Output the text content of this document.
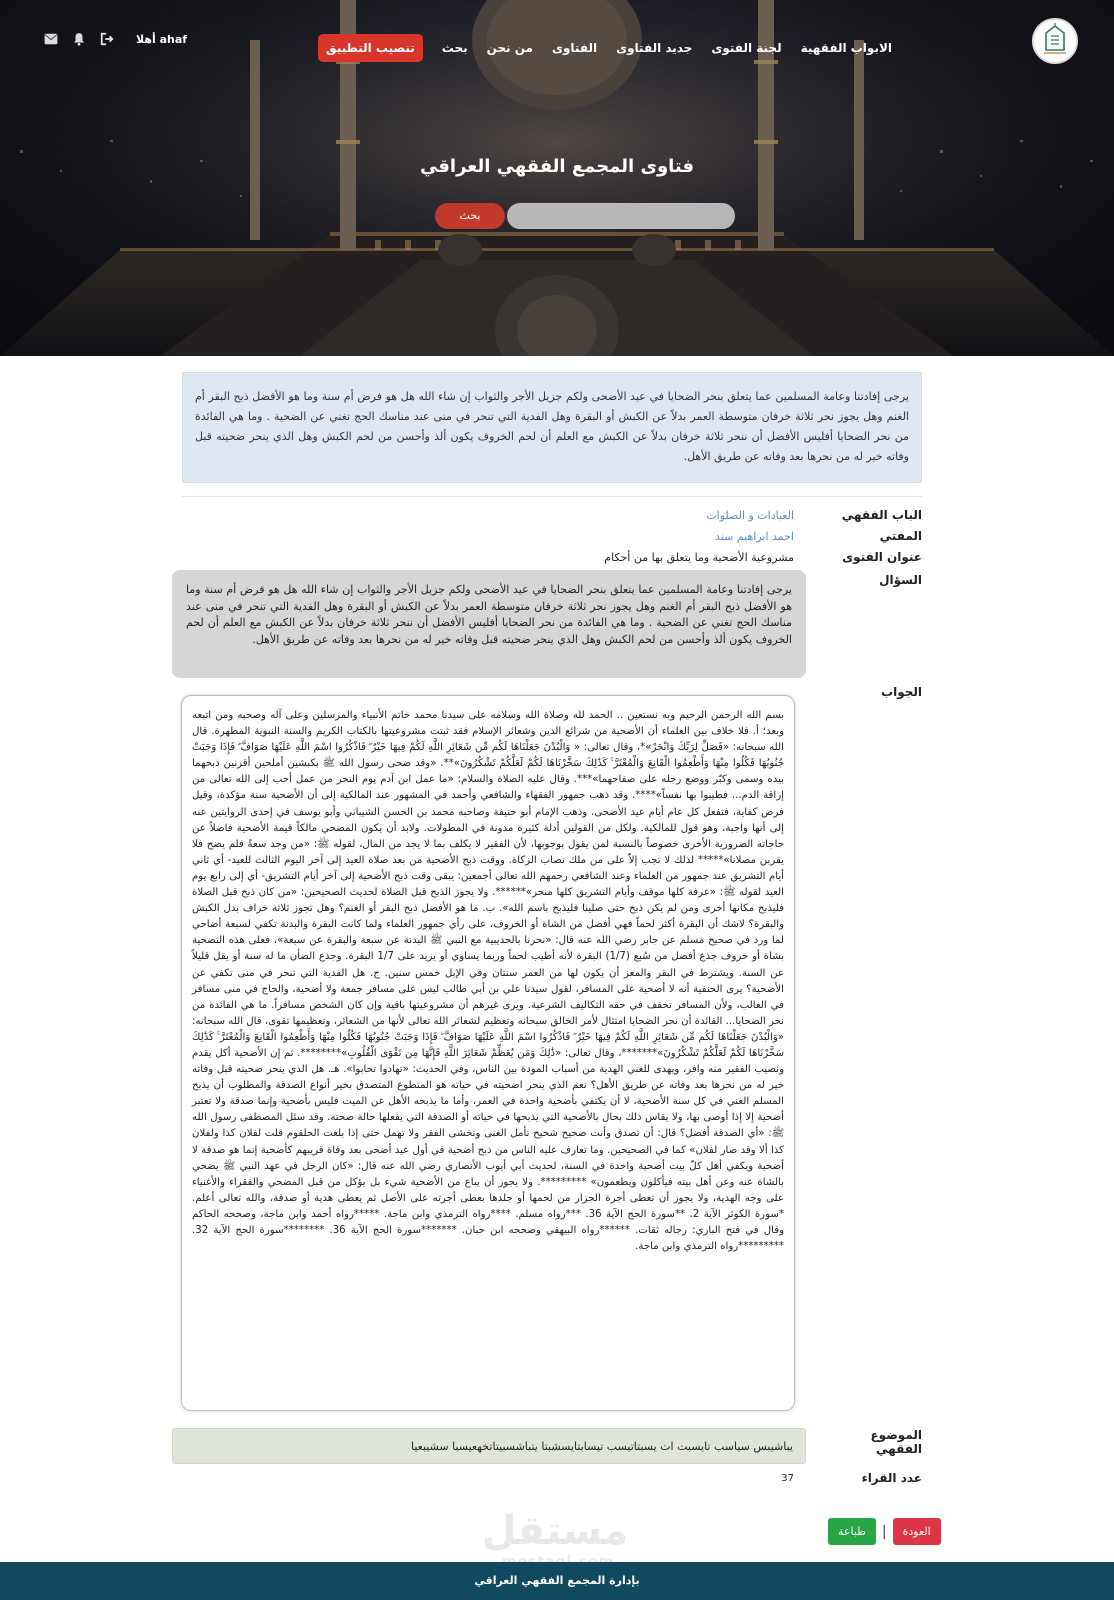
الابواب الفقهية
لجنة الفتوى
جديد الفتاوى
الفتاوى
من نحن
بحث
تنصيب التطبيق
أهلا ahaf
فتاوى المجمع الفقهي العراقي
بحث
يرجى إفادتنا وعامة المسلمين عما يتعلق بنحر الضحايا في عيد الأضحى ولكم جزيل الأجر والثواب إن شاء الله هل هو فرض أم سنة وما هو الأفضل ذبح البقر أم الغنم وهل يجوز نحر ثلاثة خرفان متوسطة العمر بدلاً عن الكبش أو البقرة وهل الفدية التي تنحر في منى عند مناسك الحج تغني عن الضحية . وما هي الفائدة من نحر الضحايا أفليس الأفضل أن ننحر ثلاثة خرفان بدلاً عن الكبش مع العلم أن لحم الخروف يكون ألذ وأحسن من لحم الكبش وهل الذي ينحر ضحيته قبل وفاته خير له من نحرها بعد وفاته عن طريق الأهل.
الباب الفقهي
العبادات و الصلوات
المفتي
احمد ابراهيم سند
عنوان الفتوى
مشروعية الأضحية وما يتعلق بها من أحكام
السؤال
يرجى إفادتنا وعامة المسلمين عما يتعلق بنحر الضحايا في عيد الأضحى ولكم جزيل الأجر والثواب إن شاء الله هل هو فرض أم سنة وما هو الأفضل ذبح البقر أم الغنم وهل يجوز نحر ثلاثة خرفان متوسطة العمر بدلاً عن الكبش أو البقرة وهل الفدية التي تنحر في منى عند مناسك الحج تغني عن الضحية . وما هي الفائدة من نحر الضحايا أفليس الأفضل أن ننحر ثلاثة خرفان بدلاً عن الكبش مع العلم أن لحم الخروف يكون ألذ وأحسن من لحم الكبش وهل الذي ينحر ضحيته قبل وفاته خير له من نحرها بعد وفاته عن طريق الأهل.
الجواب
بسم الله الرحمن الرحيم وبه نستعين .. الحمد لله وصلاة الله وسلامه على سيدنا محمد خاتم الأنبياء والمرسلين وعلى آله وصحبه ومن اتبعه وبعد؛ أ. فلا خلاف بين العلماء أن الأضحية من شرائع الدين وشعائر الإسلام فقد ثبتت مشروعيتها بالكتاب الكريم والسنة النبوية المطهرة. قال الله سبحانه: «فَصَلِّ لِرَبِّكَ وَانْحَرْ»*، وقال تعالى: « وَالْبُدْنَ جَعَلْنَاهَا لَكُم مِّن شَعَائِرِ اللَّهِ لَكُمْ فِيهَا خَيْرٌ ۖ فَاذْكُرُوا اسْمَ اللَّهِ عَلَيْهَا صَوَافَّ ۖ فَإِذَا وَجَبَتْ جُنُوبُهَا فَكُلُوا مِنْهَا وَأَطْعِمُوا الْقَانِعَ وَالْمُعْتَرَّ ۚ كَذَٰلِكَ سَخَّرْنَاهَا لَكُمْ لَعَلَّكُمْ تَشْكُرُونَ»**. «وقد ضحى رسول الله ﷺ بكبشين أملحين أقرنين ذبحهما بيده وسمى وكبّر ووضع رجله على صفاحهما»***. وقال عليه الصلاة والسلام: «ما عمل ابن آدم يوم النحر من عمل أحب إلى الله تعالى من إراقة الدم... فطيبوا بها نفساً»****. وقد ذهب جمهور الفقهاء والشافعي وأحمد في المشهور عند المالكية إلى أن الأضحية سنة مؤكدة، وقيل فرض كفاية، فتفعل كل عام أيام عيد الأضحى. وذهب الإمام أبو حنيفة وصاحبه محمد بن الحسن الشيباني وأبو يوسف في إحدى الروايتين عنه إلى أنها واجبة، وهو قول للمالكية. ولكل من القولين أدلة كثيرة مدونة في المطولات. ولابد أن يكون المضحي مالكاً قيمة الأضحية فاضلاً عن حاجاته الضرورية الأخرى خصوصاً بالنسبة لمن يقول بوجوبها، لأن الفقير لا يكلف بما لا يجد من المال، لقوله ﷺ: «من وجد سعةً فلم يضح فلا يقربن مصلانا»***** لذلك لا تجب إلاّ على من ملك نصاب الزكاة. ووقت ذبح الأضحية من بعد صلاة العيد إلى آخر اليوم الثالث للعيد- أي ثاني أيام التشريق عند جمهور من العلماء وعند الشافعي رحمهم الله تعالى أجمعين: يبقى وقت ذبح الأضحية إلى آخر أيام التشريق- أي إلى رابع يوم العيد لقوله ﷺ: «عرفة كلها موقف وأيام التشريق كلها منحر»******. ولا يجوز الذبح قبل الصلاة لحديث الصحيحين: «من كان ذبح قبل الصلاة فليذبح مكانها أخرى ومن لم يكن ذبح حتى صلينا فليذبح باسم الله». ب. ما هو الأفضل ذبح البقر أو الغنم؟ وهل تجوز ثلاثة خراف بدل الكبش والبقرة؟ لاشك أن البقرة أكثر لحماً فهي أفضل من الشاة أو الخروف، على رأي جمهور العلماء ولما كانت البقرة والبدنة تكفي لسبعة أضاحي لما ورد في صحيح مسلم عن جابر رضي الله عنه قال: «نحرنا بالحديبية مع النبي ﷺ البدنة عن سبعة والبقرة عن سبعة»، فعلى هذه التضحية بشاة أو خروف جذع أفضل من سُبع (1/7) البقرة لأنه أطيب لحماً وربما يساوي أو يزيد على 1/7 البقرة. وجذع الضأن ما له سنة أو يقل قليلاً عن السنة. ويشترط في البقر والمعز أن يكون لها من العمر سنتان وفي الإبل خمس سنين. ج. هل الفدية التي تنحر في منى تكفي عن الأضحية؟ يرى الحنفية أنه لا أضحية على المسافر، لقول سيدنا علي بن أبي طالب ليس على مسافر جمعة ولا أضحية، والحاج في منى مسافر في الغالب، ولأن المسافر تخفف في حقه التكاليف الشرعية. ويرى غيرهم أن مشروعيتها باقية وإن كان الشخص مسافراً. ما هي الفائدة من نحر الضحايا... الفائدة أن نحر الضحايا امتثال لأمر الخالق سبحانه وتعظيم لشعائر الله تعالى لأنها من الشعائر، وتعظيمها تقوى، قال الله سبحانه: «وَالْبُدْنَ جَعَلْنَاهَا لَكُم مِّن شَعَائِرِ اللَّهِ لَكُمْ فِيهَا خَيْرٌ ۖ فَاذْكُرُوا اسْمَ اللَّهِ عَلَيْهَا صَوَافَّ ۖ فَإِذَا وَجَبَتْ جُنُوبُهَا فَكُلُوا مِنْهَا وَأَطْعِمُوا الْقَانِعَ وَالْمُعْتَرَّ ۚ كَذَٰلِكَ سَخَّرْنَاهَا لَكُمْ لَعَلَّكُمْ تَشْكُرُونَ»*******، وقال تعالى: «ذَٰلِكَ وَمَن يُعَظِّمْ شَعَائِرَ اللَّهِ فَإِنَّهَا مِن تَقْوَى الْقُلُوبِ»********. ثم إن الأضحية أكل يقدم ونصيب الفقير منه وافر، ويهدى للغني الهدية من أسباب المودة بين الناس، وفي الحديث: «تهادوا تحابوا». هـ. هل الذي ينحر ضحيته قبل وفاته خير له من نحرها بعد وفاته عن طريق الأهل؟ نعم الذي ينحر اضحيته في حياته هو المتطوع المتصدق بخير أنواع الصدقة والمطلوب أن يذبح المسلم الغني في كل سنة الأضحية، لا أن يكتفي بأضحية واحدة في العمر، وأما ما يذبحه الأهل عن الميت فليس بأضحية وإنما صدقة ولا تعتبر أضحية إلا إذا أوصى بها، ولا يقاس ذلك بحال بالأضحية التي يذبحها في حياته أو الصدقة التي يفعلها حالة صحته. وقد سئل المصطفى رسول الله ﷺ: «أي الصدقة أفضل؟ قال: أن تصدق وأنت صحيح شحيح تأمل الغنى وتخشى الفقر ولا تهمل حتى إذا بلغت الحلقوم قلت لفلان كذا ولفلان كذا ألا وقد صار لفلان» كما في الصحيحين. وما تعارف عليه الناس من ذبح أضحية في أول عيد أضحى بعد وفاة قريبهم كأضحية إنما هو صدقة لا أضحية ويكفي أهل كلّ بيت أضحية واحدة في السنة، لحديث أبي أيوب الأنصاري رضي الله عنه قال: «كان الرجل في عهد النبي ﷺ يضحي بالشاة عنه وعن أهل بيته فيأكلون ويطعمون» *********. ولا يجوز أن يباع من الأضحية شيء بل يؤكل من قبل المضحي والفقراء والأغنياء على وجه الهدية، ولا يجوز أن تعطى أجرة الجزار من لحمها أو جلدها بعطى أجرته على الأصل ثم يعطى هدية أو صدقة، والله تعالى أعلم. *سورة الكوثر الآية 2. **سورة الحج الآية 36. ***رواه مسلم. ****رواه الترمذي وابن ماجة. *****رواه أحمد وابن ماجة، وصححه الحاكم وقال في فتح الباري: رجاله ثقات. ******رواه البيهقي وصححه ابن حبان. *******سورة الحج الآية 36. ********سورة الحج الآية 32. *********رواه الترمذي وابن ماجة.
الموضوع الفقهي
يباشيبس سياسب تايسبت ات يسبتاتيسب تيسابتايسشبتا يتباشسبيتاتخهعيسبا سشيبعيا
عدد القراء
37
مستقل	طباعة	|	العودة
بإدارة المجمع الفقهي العراقي
